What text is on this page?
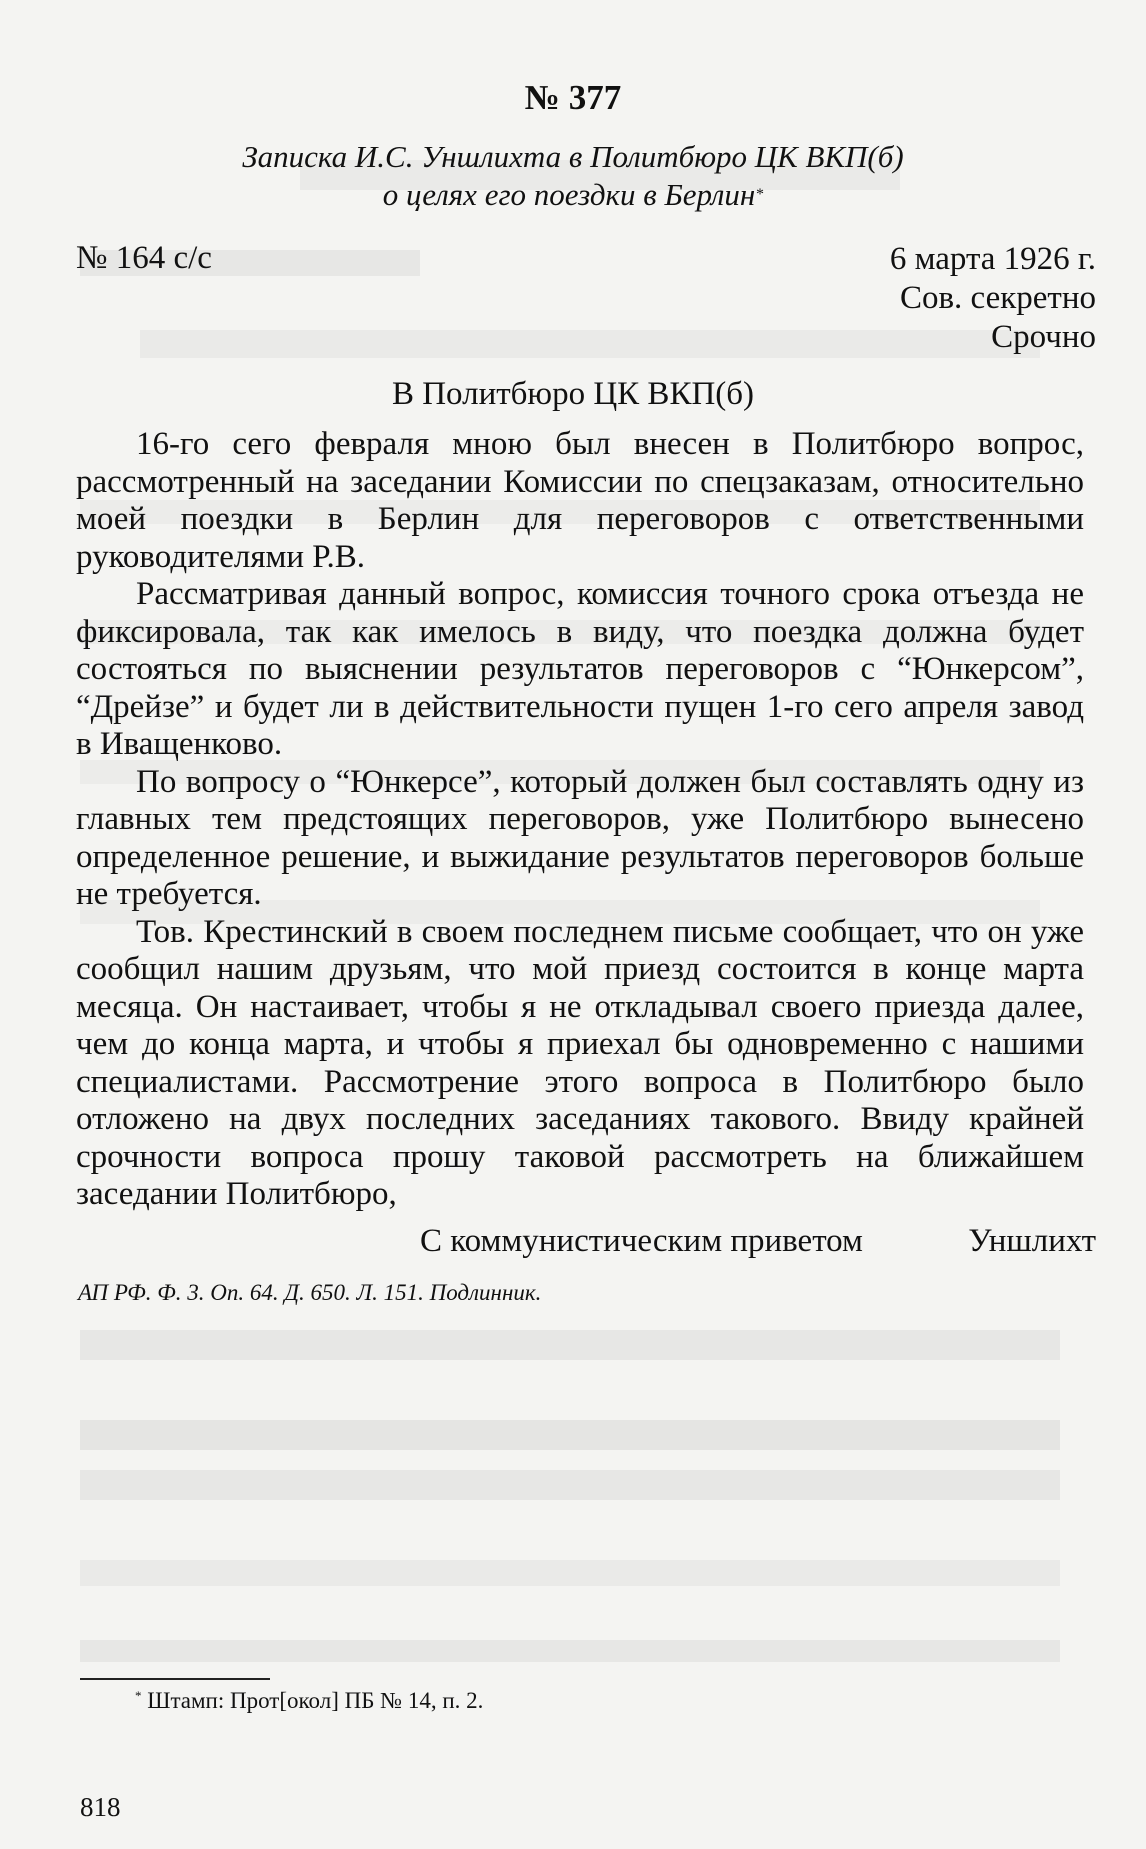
​	№ 377
Записка И.С. Уншлихта в Политбюро ЦК ВКП(б)
о целях его поездки в Берлин*
№ 164 с/с	6 марта 1926 г.
Сов. секретно
Срочно
В Политбюро ЦК ВКП(б)

16-го сего февраля мною был внесен в Политбюро вопрос, рассмотренный на заседании Комиссии по спецзаказам, относительно моей поездки в Берлин для переговоров с ответственными руководителями Р.В.

Рассматривая данный вопрос, комиссия точного срока отъезда не фиксировала, так как имелось в виду, что поездка должна будет состояться по выяснении результатов переговоров с “Юнкерсом”, “Дрейзе” и будет ли в действительности пущен 1-го сего апреля завод в Иващенково.

По вопросу о “Юнкерсе”, который должен был составлять одну из главных тем предстоящих переговоров, уже Политбюро вынесено определенное решение, и выжидание результатов переговоров больше не требуется.

Тов. Крестинский в своем последнем письме сообщает, что он уже сообщил нашим друзьям, что мой приезд состоится в конце марта месяца. Он настаивает, чтобы я не откладывал своего приезда далее, чем до конца марта, и чтобы я приехал бы одновременно с нашими специалистами. Рассмотрение этого вопроса в Политбюро было отложено на двух последних заседаниях такового. Ввиду крайней срочности вопроса прошу таковой рассмотреть на ближайшем заседании Политбюро,

С коммунистическим приветом	Уншлихт
АП РФ. Ф. 3. Оп. 64. Д. 650. Л. 151. Подлинник.
* Штамп: Прот[окол] ПБ № 14, п. 2.
818
